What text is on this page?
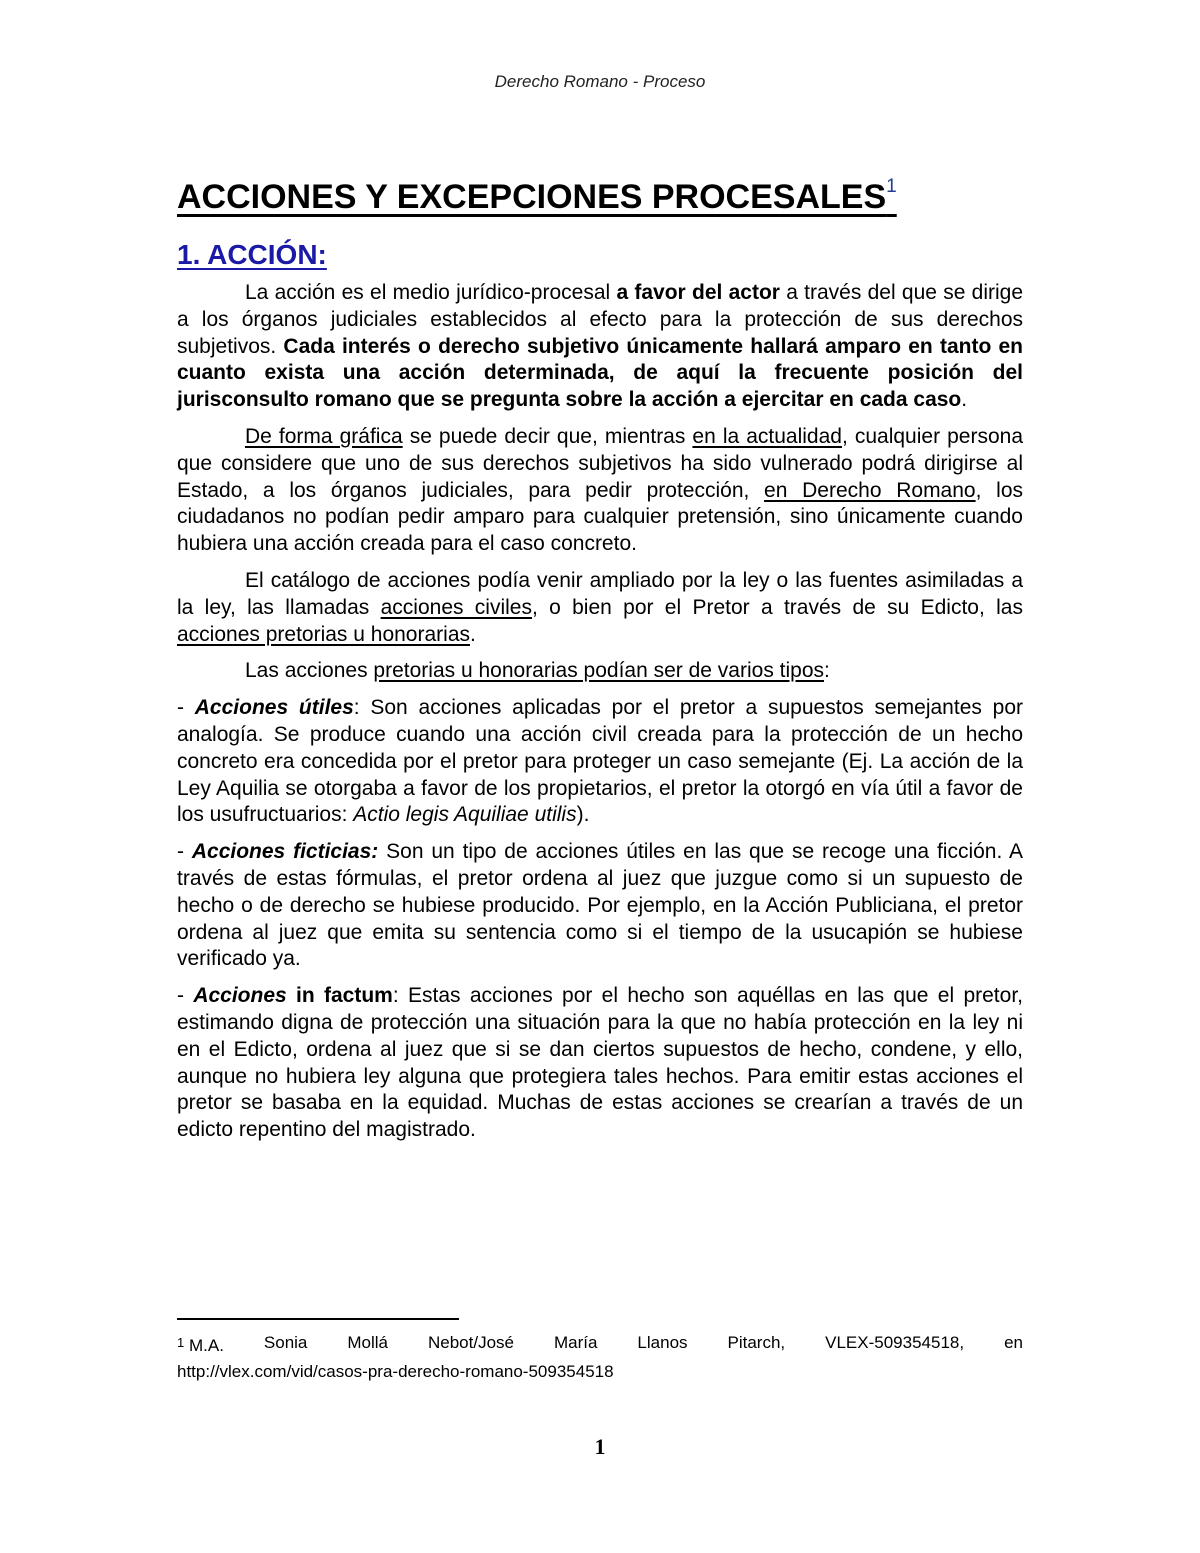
Derecho Romano - Proceso
ACCIONES Y EXCEPCIONES PROCESALES$^1$
1. ACCIÓN:

La acción es el medio jurídico-procesal a favor del actor a través del que se dirige a los órganos judiciales establecidos al efecto para la protección de sus derechos subjetivos. Cada interés o derecho subjetivo únicamente hallará amparo en tanto en cuanto exista una acción determinada, de aquí la frecuente posición del jurisconsulto romano que se pregunta sobre la acción a ejercitar en cada caso.

De forma gráfica se puede decir que, mientras en la actualidad, cualquier persona que considere que uno de sus derechos subjetivos ha sido vulnerado podrá dirigirse al Estado, a los órganos judiciales, para pedir protección, en Derecho Romano, los ciudadanos no podían pedir amparo para cualquier pretensión, sino únicamente cuando hubiera una acción creada para el caso concreto.

El catálogo de acciones podía venir ampliado por la ley o las fuentes asimiladas a la ley, las llamadas acciones civiles, o bien por el Pretor a través de su Edicto, las acciones pretorias u honorarias.

Las acciones pretorias u honorarias podían ser de varios tipos:

- Acciones útiles: Son acciones aplicadas por el pretor a supuestos semejantes por analogía. Se produce cuando una acción civil creada para la protección de un hecho concreto era concedida por el pretor para proteger un caso semejante (Ej. La acción de la Ley Aquilia se otorgaba a favor de los propietarios, el pretor la otorgó en vía útil a favor de los usufructuarios: Actio legis Aquiliae utilis).

- Acciones ficticias: Son un tipo de acciones útiles en las que se recoge una ficción. A través de estas fórmulas, el pretor ordena al juez que juzgue como si un supuesto de hecho o de derecho se hubiese producido. Por ejemplo, en la Acción Publiciana, el pretor ordena al juez que emita su sentencia como si el tiempo de la usucapión se hubiese verificado ya.

- Acciones in factum: Estas acciones por el hecho son aquéllas en las que el pretor, estimando digna de protección una situación para la que no había protección en la ley ni en el Edicto, ordena al juez que si se dan ciertos supuestos de hecho, condene, y ello, aunque no hubiera ley alguna que protegiera tales hechos. Para emitir estas acciones el pretor se basaba en la equidad. Muchas de estas acciones se crearían a través de un edicto repentino del magistrado.

$^1$ M.A. Sonia Mollá Nebot/José María Llanos Pitarch, VLEX-509354518, en
http://vlex.com/vid/casos-pra-derecho-romano-509354518
1
